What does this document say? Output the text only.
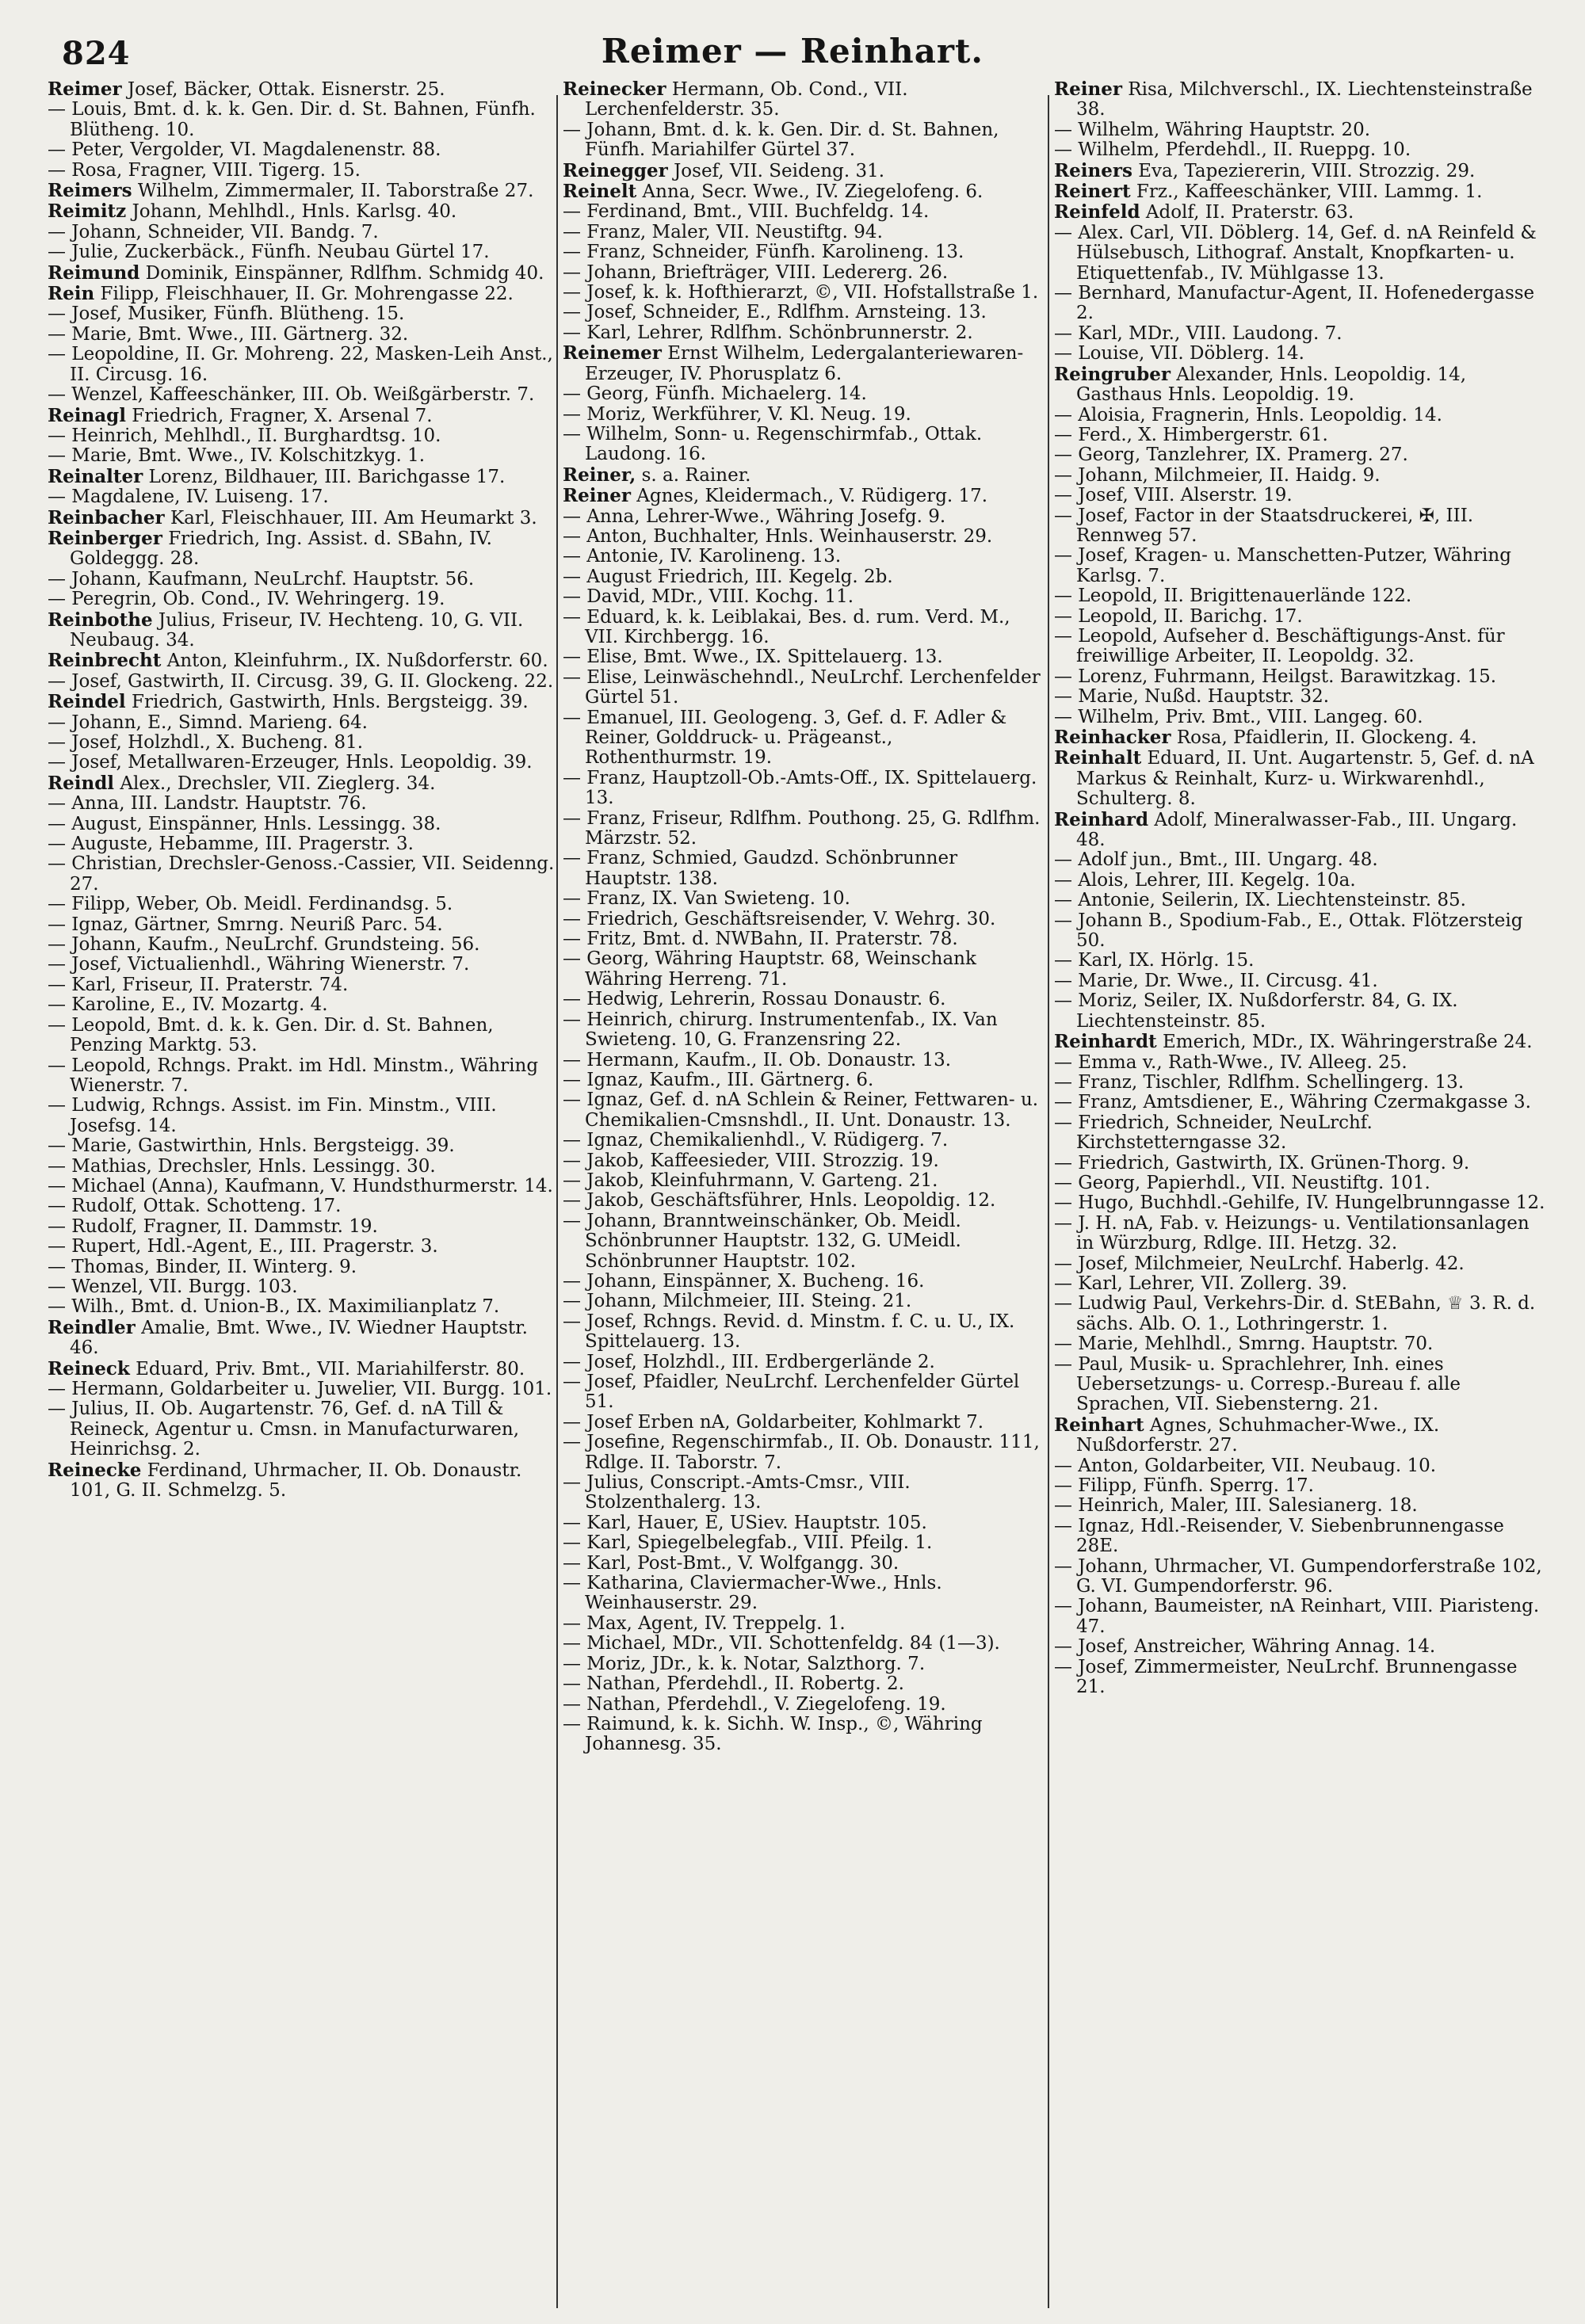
824	Reimer — Reinhart.

Reimer Josef, Bäcker, Ottak. Eisnerstr. 25.

— Louis, Bmt. d. k. k. Gen. Dir. d. St. Bahnen, Fünfh. Blütheng. 10.

— Peter, Vergolder, VI. Magdalenenstr. 88.

— Rosa, Fragner, VIII. Tigerg. 15.

Reimers Wilhelm, Zimmermaler, II. Taborstraße 27.

Reimitz Johann, Mehlhdl., Hnls. Karlsg. 40.

— Johann, Schneider, VII. Bandg. 7.

— Julie, Zuckerbäck., Fünfh. Neubau Gürtel 17.

Reimund Dominik, Einspänner, Rdlfhm. Schmidg 40.

Rein Filipp, Fleischhauer, II. Gr. Mohrengasse 22.

— Josef, Musiker, Fünfh. Blütheng. 15.

— Marie, Bmt. Wwe., III. Gärtnerg. 32.

— Leopoldine, II. Gr. Mohreng. 22, Masken-Leih Anst., II. Circusg. 16.

— Wenzel, Kaffeeschänker, III. Ob. Weißgärberstr. 7.

Reinagl Friedrich, Fragner, X. Arsenal 7.

— Heinrich, Mehlhdl., II. Burghardtsg. 10.

— Marie, Bmt. Wwe., IV. Kolschitzkyg. 1.

Reinalter Lorenz, Bildhauer, III. Barichgasse 17.

— Magdalene, IV. Luiseng. 17.

Reinbacher Karl, Fleischhauer, III. Am Heumarkt 3.

Reinberger Friedrich, Ing. Assist. d. SBahn, IV. Goldeggg. 28.

— Johann, Kaufmann, NeuLrchf. Hauptstr. 56.

— Peregrin, Ob. Cond., IV. Wehringerg. 19.

Reinbothe Julius, Friseur, IV. Hechteng. 10, G. VII. Neubaug. 34.

Reinbrecht Anton, Kleinfuhrm., IX. Nußdorferstr. 60.

— Josef, Gastwirth, II. Circusg. 39, G. II. Glockeng. 22.

Reindel Friedrich, Gastwirth, Hnls. Bergsteigg. 39.

— Johann, E., Simnd. Marieng. 64.

— Josef, Holzhdl., X. Bucheng. 81.

— Josef, Metallwaren-Erzeuger, Hnls. Leopoldig. 39.

Reindl Alex., Drechsler, VII. Zieglerg. 34.

— Anna, III. Landstr. Hauptstr. 76.

— August, Einspänner, Hnls. Lessingg. 38.

— Auguste, Hebamme, III. Pragerstr. 3.

— Christian, Drechsler-Genoss.-Cassier, VII. Seidenng. 27.

— Filipp, Weber, Ob. Meidl. Ferdinandsg. 5.

— Ignaz, Gärtner, Smrng. Neuriß Parc. 54.

— Johann, Kaufm., NeuLrchf. Grundsteing. 56.

— Josef, Victualienhdl., Währing Wienerstr. 7.

— Karl, Friseur, II. Praterstr. 74.

— Karoline, E., IV. Mozartg. 4.

— Leopold, Bmt. d. k. k. Gen. Dir. d. St. Bahnen, Penzing Marktg. 53.

— Leopold, Rchngs. Prakt. im Hdl. Minstm., Währing Wienerstr. 7.

— Ludwig, Rchngs. Assist. im Fin. Minstm., VIII. Josefsg. 14.

— Marie, Gastwirthin, Hnls. Bergsteigg. 39.

— Mathias, Drechsler, Hnls. Lessingg. 30.

— Michael (Anna), Kaufmann, V. Hundsthurmerstr. 14.

— Rudolf, Ottak. Schotteng. 17.

— Rudolf, Fragner, II. Dammstr. 19.

— Rupert, Hdl.-Agent, E., III. Pragerstr. 3.

— Thomas, Binder, II. Winterg. 9.

— Wenzel, VII. Burgg. 103.

— Wilh., Bmt. d. Union-B., IX. Maximilianplatz 7.

Reindler Amalie, Bmt. Wwe., IV. Wiedner Hauptstr. 46.

Reineck Eduard, Priv. Bmt., VII. Mariahilferstr. 80.

— Hermann, Goldarbeiter u. Juwelier, VII. Burgg. 101.

— Julius, II. Ob. Augartenstr. 76, Gef. d. nA Till & Reineck, Agentur u. Cmsn. in Manufacturwaren, Heinrichsg. 2.

Reinecke Ferdinand, Uhrmacher, II. Ob. Donaustr. 101, G. II. Schmelzg. 5.

Reinecker Hermann, Ob. Cond., VII. Lerchenfelderstr. 35.

— Johann, Bmt. d. k. k. Gen. Dir. d. St. Bahnen, Fünfh. Mariahilfer Gürtel 37.

Reinegger Josef, VII. Seideng. 31.

Reinelt Anna, Secr. Wwe., IV. Ziegelofeng. 6.

— Ferdinand, Bmt., VIII. Buchfeldg. 14.

— Franz, Maler, VII. Neustiftg. 94.

— Franz, Schneider, Fünfh. Karolineng. 13.

— Johann, Briefträger, VIII. Ledererg. 26.

— Josef, k. k. Hofthierarzt, ©, VII. Hofstallstraße 1.

— Josef, Schneider, E., Rdlfhm. Arnsteing. 13.

— Karl, Lehrer, Rdlfhm. Schönbrunnerstr. 2.

Reinemer Ernst Wilhelm, Ledergalanteriewaren-Erzeuger, IV. Phorusplatz 6.

— Georg, Fünfh. Michaelerg. 14.

— Moriz, Werkführer, V. Kl. Neug. 19.

— Wilhelm, Sonn- u. Regenschirmfab., Ottak. Laudong. 16.

Reiner, s. a. Rainer.

Reiner Agnes, Kleidermach., V. Rüdigerg. 17.

— Anna, Lehrer-Wwe., Währing Josefg. 9.

— Anton, Buchhalter, Hnls. Weinhauserstr. 29.

— Antonie, IV. Karolineng. 13.

— August Friedrich, III. Kegelg. 2b.

— David, MDr., VIII. Kochg. 11.

— Eduard, k. k. Leiblakai, Bes. d. rum. Verd. M., VII. Kirchbergg. 16.

— Elise, Bmt. Wwe., IX. Spittelauerg. 13.

— Elise, Leinwäschehndl., NeuLrchf. Lerchenfelder Gürtel 51.

— Emanuel, III. Geologeng. 3, Gef. d. F. Adler & Reiner, Golddruck- u. Prägeanst., Rothenthurmstr. 19.

— Franz, Hauptzoll-Ob.-Amts-Off., IX. Spittelauerg. 13.

— Franz, Friseur, Rdlfhm. Pouthong. 25, G. Rdlfhm. Märzstr. 52.

— Franz, Schmied, Gaudzd. Schönbrunner Hauptstr. 138.

— Franz, IX. Van Swieteng. 10.

— Friedrich, Geschäftsreisender, V. Wehrg. 30.

— Fritz, Bmt. d. NWBahn, II. Praterstr. 78.

— Georg, Währing Hauptstr. 68, Weinschank Währing Herreng. 71.

— Hedwig, Lehrerin, Rossau Donaustr. 6.

— Heinrich, chirurg. Instrumentenfab., IX. Van Swieteng. 10, G. Franzensring 22.

— Hermann, Kaufm., II. Ob. Donaustr. 13.

— Ignaz, Kaufm., III. Gärtnerg. 6.

— Ignaz, Gef. d. nA Schlein & Reiner, Fettwaren- u. Chemikalien-Cmsnshdl., II. Unt. Donaustr. 13.

— Ignaz, Chemikalienhdl., V. Rüdigerg. 7.

— Jakob, Kaffeesieder, VIII. Strozzig. 19.

— Jakob, Kleinfuhrmann, V. Garteng. 21.

— Jakob, Geschäftsführer, Hnls. Leopoldig. 12.

— Johann, Branntweinschänker, Ob. Meidl. Schönbrunner Hauptstr. 132, G. UMeidl. Schönbrunner Hauptstr. 102.

— Johann, Einspänner, X. Bucheng. 16.

— Johann, Milchmeier, III. Steing. 21.

— Josef, Rchngs. Revid. d. Minstm. f. C. u. U., IX. Spittelauerg. 13.

— Josef, Holzhdl., III. Erdbergerlände 2.

— Josef, Pfaidler, NeuLrchf. Lerchenfelder Gürtel 51.

— Josef Erben nA, Goldarbeiter, Kohlmarkt 7.

— Josefine, Regenschirmfab., II. Ob. Donaustr. 111, Rdlge. II. Taborstr. 7.

— Julius, Conscript.-Amts-Cmsr., VIII. Stolzenthalerg. 13.

— Karl, Hauer, E, USiev. Hauptstr. 105.

— Karl, Spiegelbelegfab., VIII. Pfeilg. 1.

— Karl, Post-Bmt., V. Wolfgangg. 30.

— Katharina, Claviermacher-Wwe., Hnls. Weinhauserstr. 29.

— Max, Agent, IV. Treppelg. 1.

— Michael, MDr., VII. Schottenfeldg. 84 (1—3).

— Moriz, JDr., k. k. Notar, Salzthorg. 7.

— Nathan, Pferdehdl., II. Robertg. 2.

— Nathan, Pferdehdl., V. Ziegelofeng. 19.

— Raimund, k. k. Sichh. W. Insp., ©, Währing Johannesg. 35.

Reiner Risa, Milchverschl., IX. Liechtensteinstraße 38.

— Wilhelm, Währing Hauptstr. 20.

— Wilhelm, Pferdehdl., II. Rueppg. 10.

Reiners Eva, Tapeziererin, VIII. Strozzig. 29.

Reinert Frz., Kaffeeschänker, VIII. Lammg. 1.

Reinfeld Adolf, II. Praterstr. 63.

— Alex. Carl, VII. Döblerg. 14, Gef. d. nA Reinfeld & Hülsebusch, Lithograf. Anstalt, Knopfkarten- u. Etiquettenfab., IV. Mühlgasse 13.

— Bernhard, Manufactur-Agent, II. Hofenedergasse 2.

— Karl, MDr., VIII. Laudong. 7.

— Louise, VII. Döblerg. 14.

Reingruber Alexander, Hnls. Leopoldig. 14, Gasthaus Hnls. Leopoldig. 19.

— Aloisia, Fragnerin, Hnls. Leopoldig. 14.

— Ferd., X. Himbergerstr. 61.

— Georg, Tanzlehrer, IX. Pramerg. 27.

— Johann, Milchmeier, II. Haidg. 9.

— Josef, VIII. Alserstr. 19.

— Josef, Factor in der Staatsdruckerei, ✠, III. Rennweg 57.

— Josef, Kragen- u. Manschetten-Putzer, Währing Karlsg. 7.

— Leopold, II. Brigittenauerlände 122.

— Leopold, II. Barichg. 17.

— Leopold, Aufseher d. Beschäftigungs-Anst. für freiwillige Arbeiter, II. Leopoldg. 32.

— Lorenz, Fuhrmann, Heilgst. Barawitzkag. 15.

— Marie, Nußd. Hauptstr. 32.

— Wilhelm, Priv. Bmt., VIII. Langeg. 60.

Reinhacker Rosa, Pfaidlerin, II. Glockeng. 4.

Reinhalt Eduard, II. Unt. Augartenstr. 5, Gef. d. nA Markus & Reinhalt, Kurz- u. Wirkwarenhdl., Schulterg. 8.

Reinhard Adolf, Mineralwasser-Fab., III. Ungarg. 48.

— Adolf jun., Bmt., III. Ungarg. 48.

— Alois, Lehrer, III. Kegelg. 10a.

— Antonie, Seilerin, IX. Liechtensteinstr. 85.

— Johann B., Spodium-Fab., E., Ottak. Flötzersteig 50.

— Karl, IX. Hörlg. 15.

— Marie, Dr. Wwe., II. Circusg. 41.

— Moriz, Seiler, IX. Nußdorferstr. 84, G. IX. Liechtensteinstr. 85.

Reinhardt Emerich, MDr., IX. Währingerstraße 24.

— Emma v., Rath-Wwe., IV. Alleeg. 25.

— Franz, Tischler, Rdlfhm. Schellingerg. 13.

— Franz, Amtsdiener, E., Währing Czermakgasse 3.

— Friedrich, Schneider, NeuLrchf. Kirchstetterngasse 32.

— Friedrich, Gastwirth, IX. Grünen-Thorg. 9.

— Georg, Papierhdl., VII. Neustiftg. 101.

— Hugo, Buchhdl.-Gehilfe, IV. Hungelbrunngasse 12.

— J. H. nA, Fab. v. Heizungs- u. Ventilationsanlagen in Würzburg, Rdlge. III. Hetzg. 32.

— Josef, Milchmeier, NeuLrchf. Haberlg. 42.

— Karl, Lehrer, VII. Zollerg. 39.

— Ludwig Paul, Verkehrs-Dir. d. StEBahn, ♕ 3. R. d. sächs. Alb. O. 1., Lothringerstr. 1.

— Marie, Mehlhdl., Smrng. Hauptstr. 70.

— Paul, Musik- u. Sprachlehrer, Inh. eines Uebersetzungs- u. Corresp.-Bureau f. alle Sprachen, VII. Siebensterng. 21.

Reinhart Agnes, Schuhmacher-Wwe., IX. Nußdorferstr. 27.

— Anton, Goldarbeiter, VII. Neubaug. 10.

— Filipp, Fünfh. Sperrg. 17.

— Heinrich, Maler, III. Salesianerg. 18.

— Ignaz, Hdl.-Reisender, V. Siebenbrunnengasse 28E.

— Johann, Uhrmacher, VI. Gumpendorferstraße 102, G. VI. Gumpendorferstr. 96.

— Johann, Baumeister, nA Reinhart, VIII. Piaristeng. 47.

— Josef, Anstreicher, Währing Annag. 14.

— Josef, Zimmermeister, NeuLrchf. Brunnengasse 21.
